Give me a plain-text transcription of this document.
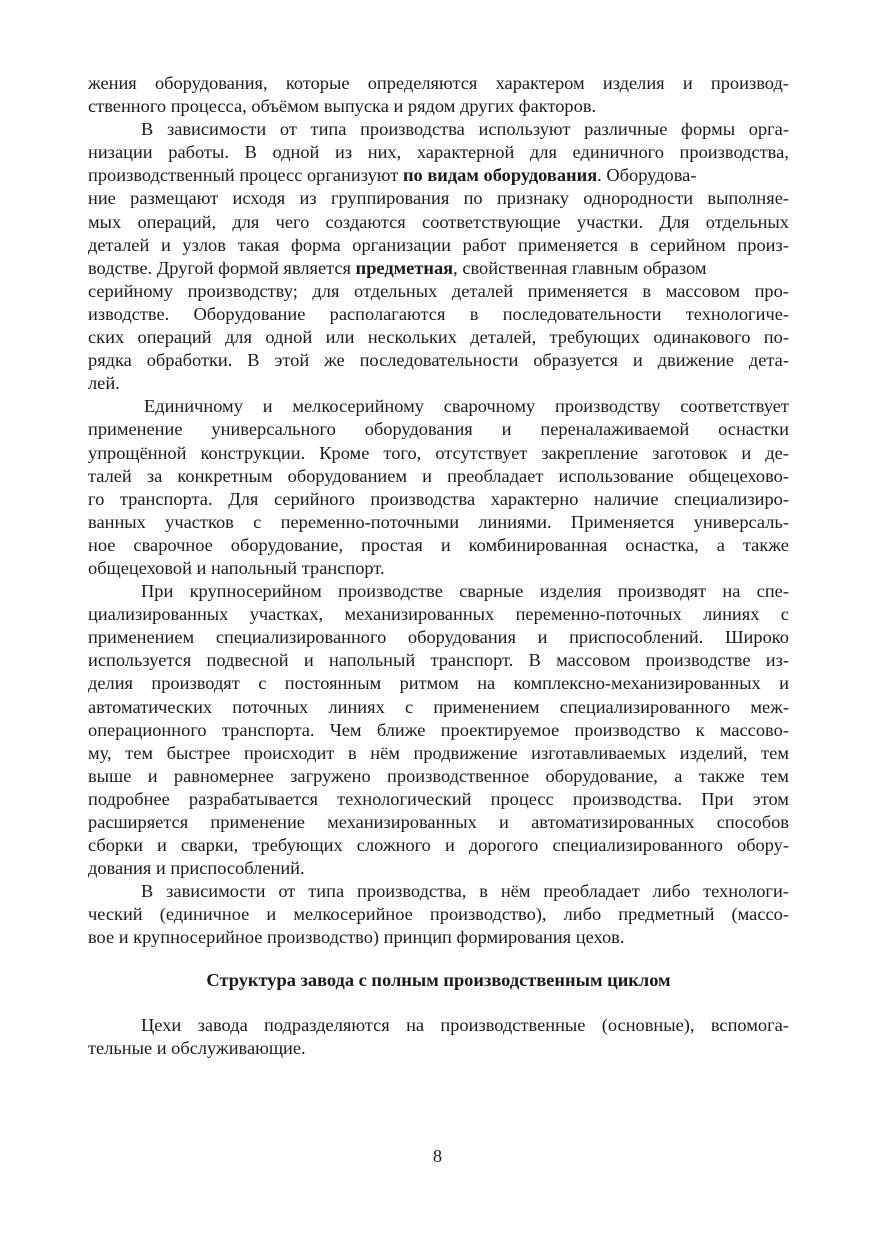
жения оборудования, которые определяются характером изделия и производ-
ственного процесса, объёмом выпуска и рядом других факторов.
В зависимости от типа производства используют различные формы орга-
низации работы. В одной из них, характерной для единичного производства,
производственный процесс организуют по видам оборудования . Оборудова-
ние размещают исходя из группирования по признаку однородности выполняе-
мых операций, для чего создаются соответствующие участки. Для отдельных
деталей и узлов такая форма организации работ применяется в серийном произ-
водстве. Другой формой является предметная , свойственная главным образом
серийному производству; для отдельных деталей применяется в массовом про-
изводстве. Оборудование располагаются в последовательности технологиче-
ских операций для одной или нескольких деталей, требующих одинакового по-
рядка обработки. В этой же последовательности образуется и движение дета-
лей.
Единичному и мелкосерийному сварочному производству соответствует
применение универсального оборудования и переналаживаемой оснастки
упрощённой конструкции. Кроме того, отсутствует закрепление заготовок и де-
талей за конкретным оборудованием и преобладает использование общецехово-
го транспорта. Для серийного производства характерно наличие специализиро-
ванных участков с переменно-поточными линиями. Применяется универсаль-
ное сварочное оборудование, простая и комбинированная оснастка, а также
общецеховой и напольный транспорт.
При крупносерийном производстве сварные изделия производят на спе-
циализированных участках, механизированных переменно-поточных линиях с
применением специализированного оборудования и приспособлений. Широко
используется подвесной и напольный транспорт. В массовом производстве из-
делия производят с постоянным ритмом на комплексно-механизированных и
автоматических поточных линиях с применением специализированного меж-
операционного транспорта. Чем ближе проектируемое производство к массово-
му, тем быстрее происходит в нём продвижение изготавливаемых изделий, тем
выше и равномернее загружено производственное оборудование, а также тем
подробнее разрабатывается технологический процесс производства. При этом
расширяется применение механизированных и автоматизированных способов
сборки и сварки, требующих сложного и дорогого специализированного обору-
дования и приспособлений.
В зависимости от типа производства, в нём преобладает либо технологи-
ческий (единичное и мелкосерийное производство), либо предметный (массо-
вое и крупносерийное производство) принцип формирования цехов.
Структура завода с полным производственным циклом
Цехи завода подразделяются на производственные (основные), вспомога-
тельные и обслуживающие.
8
